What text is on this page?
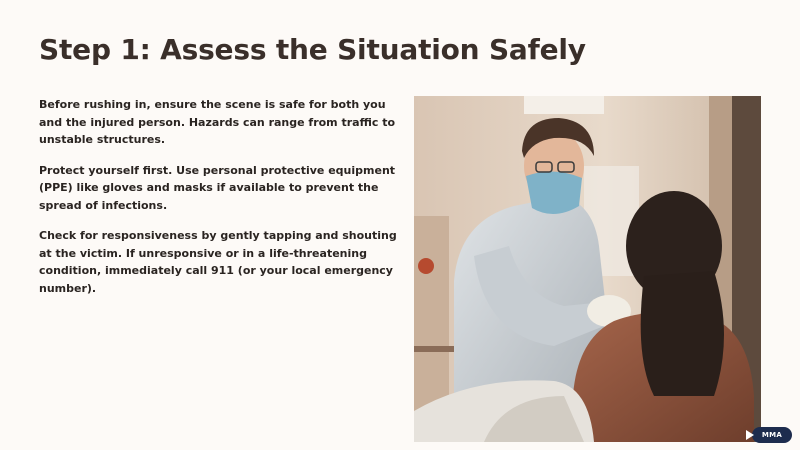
Step 1: Assess the Situation Safely

Before rushing in, ensure the scene is safe for both you and the injured person. Hazards can range from traffic to unstable structures.

Protect yourself first. Use personal protective equipment (PPE) like gloves and masks if available to prevent the spread of infections.

Check for responsiveness by gently tapping and shouting at the victim. If unresponsive or in a life-threatening condition, immediately call 911 (or your local emergency number).

MMA
